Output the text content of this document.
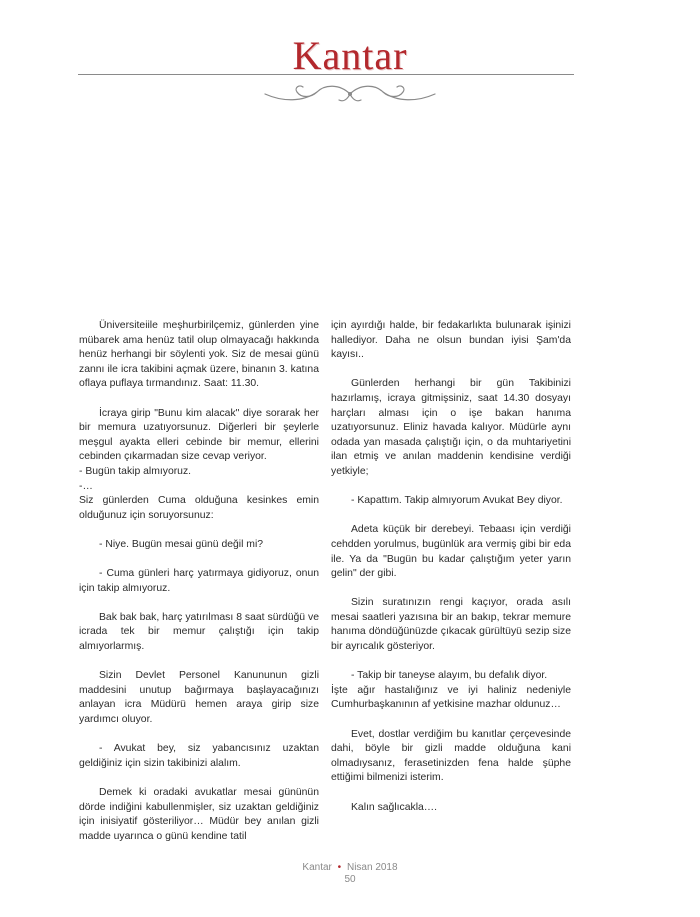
Kantar

Üniversiteiile meşhurbirilçemiz, günlerden yine mübarek ama henüz tatil olup olmayacağı hakkında henüz herhangi bir söylenti yok. Siz de mesai günü zannı ile icra takibini açmak üzere, binanın 3. katına oflaya puflaya tırmandınız. Saat: 11.30.

İcraya girip "Bunu kim alacak" diye sorarak her bir memura uzatıyorsunuz. Diğerleri bir şeylerle meşgul ayakta elleri cebinde bir memur, ellerini cebinden çıkarmadan size cevap veriyor.

- Bugün takip almıyoruz.

-…

Siz günlerden Cuma olduğuna kesinkes emin olduğunuz için soruyorsunuz:

- Niye. Bugün mesai günü değil mi?

- Cuma günleri harç yatırmaya gidiyoruz, onun için takip almıyoruz.

Bak bak bak, harç yatırılması 8 saat sürdüğü ve icrada tek bir memur çalıştığı için takip almıyorlarmış.

Sizin Devlet Personel Kanununun gizli maddesini unutup bağırmaya başlayacağınızı anlayan icra Müdürü hemen araya girip size yardımcı oluyor.

- Avukat bey, siz yabancısınız uzaktan geldiğiniz için sizin takibinizi alalım.

Demek ki oradaki avukatlar mesai gününün dörde indiğini kabullenmişler, siz uzaktan geldiğiniz için inisiyatif gösteriliyor… Müdür bey anılan gizli madde uyarınca o günü kendine tatil

için ayırdığı halde, bir fedakarlıkta bulunarak işinizi hallediyor. Daha ne olsun bundan iyisi Şam'da kayısı..

Günlerden herhangi bir gün Takibinizi hazırlamış, icraya gitmişsiniz, saat 14.30 dosyayı harçları alması için o işe bakan hanıma uzatıyorsunuz. Eliniz havada kalıyor. Müdürle aynı odada yan masada çalıştığı için, o da muhtariyetini ilan etmiş ve anılan maddenin kendisine verdiği yetkiyle;

- Kapattım. Takip almıyorum Avukat Bey diyor.

Adeta küçük bir derebeyi. Tebaası için verdiği cehdden yorulmus, bugünlük ara vermiş gibi bir eda ile. Ya da "Bugün bu kadar çalıştığım yeter yarın gelin" der gibi.

Sizin suratınızın rengi kaçıyor, orada asılı mesai saatleri yazısına bir an bakıp, tekrar memure hanıma döndüğünüzde çıkacak gürültüyü sezip size bir ayrıcalık gösteriyor.

- Takip bir taneyse alayım, bu defalık diyor.

İşte ağır hastalığınız ve iyi haliniz nedeniyle Cumhurbaşkanının af yetkisine mazhar oldunuz…

Evet, dostlar verdiğim bu kanıtlar çerçevesinde dahi, böyle bir gizli madde olduğuna kani olmadıysanız, ferasetinizden fena halde şüphe ettiğimi bilmenizi isterim.

Kalın sağlıcakla….

Kantar • Nisan 2018
50
